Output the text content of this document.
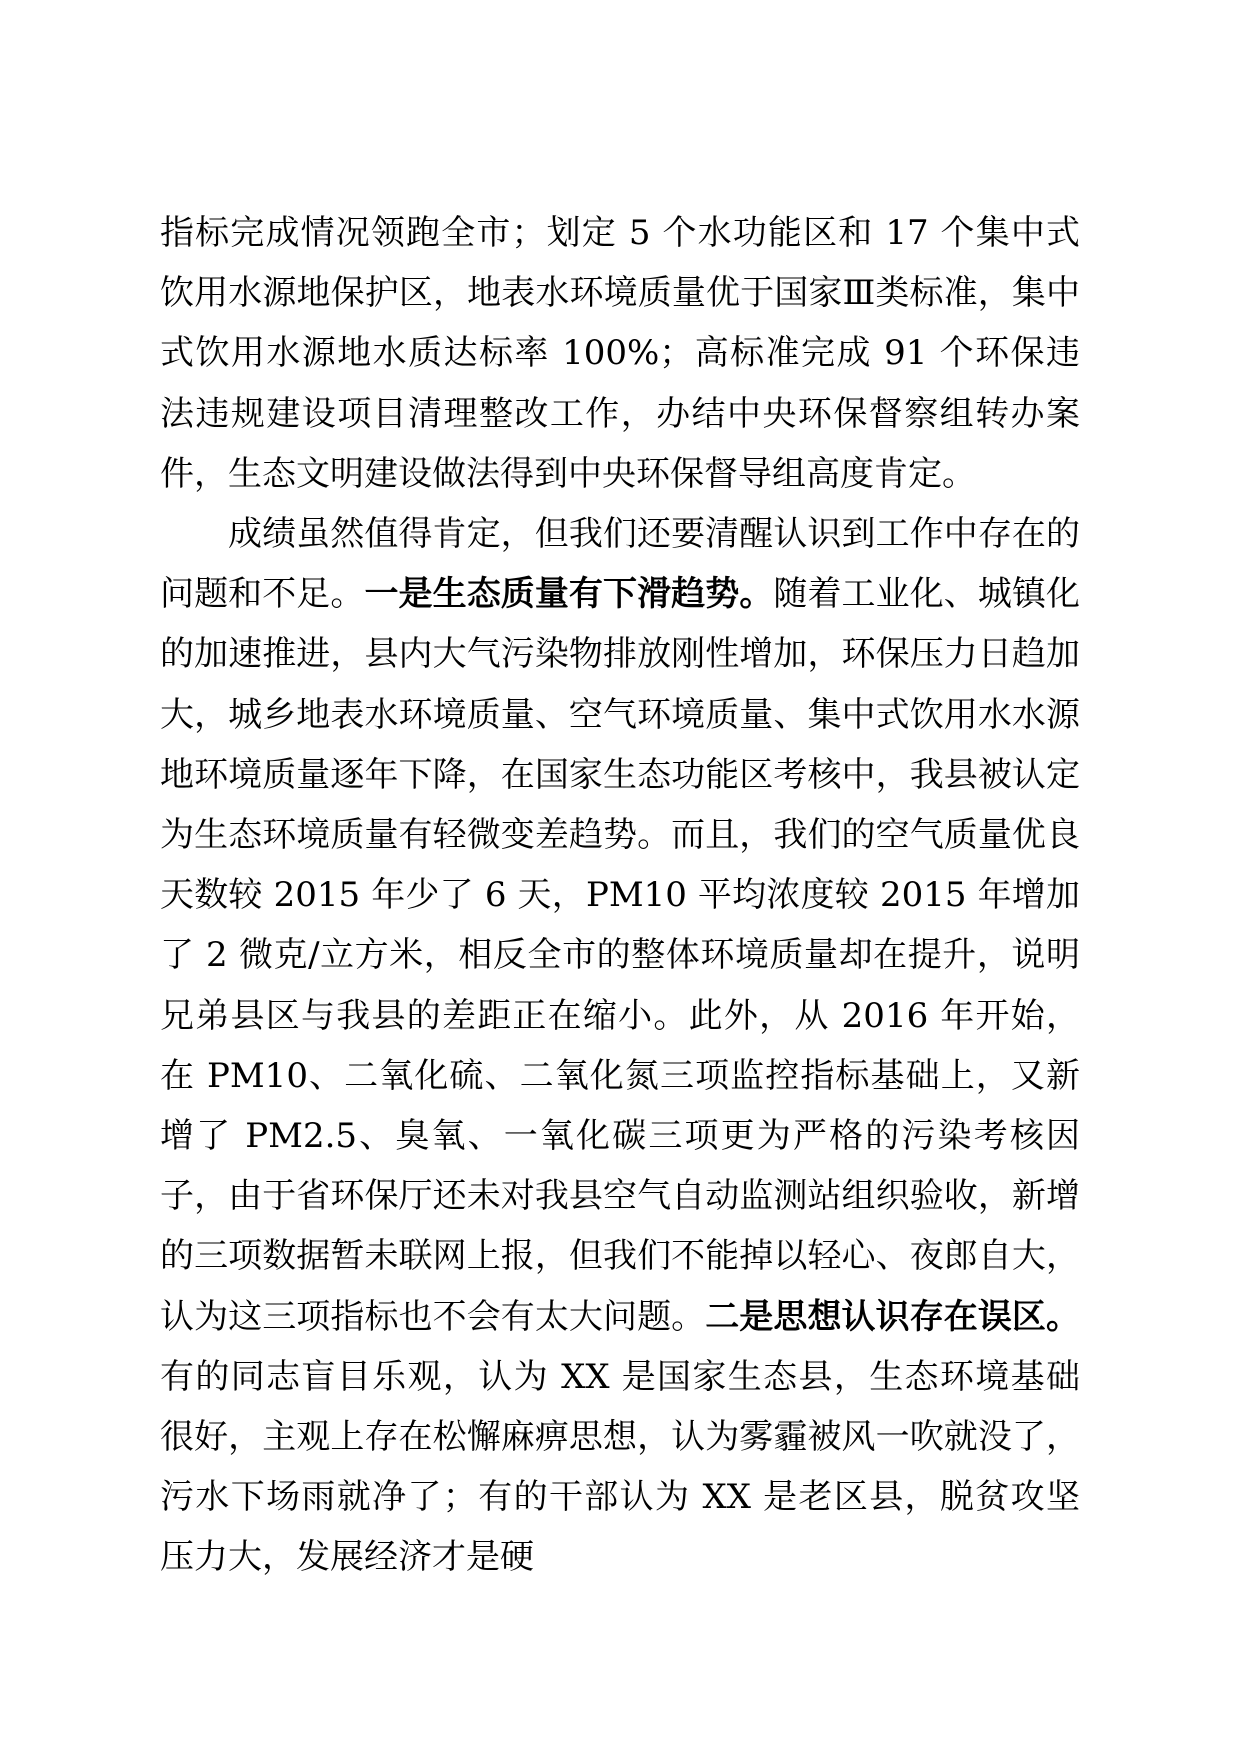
指标完成情况领跑全市；划定 5 个水功能区和 17 个集中式饮用水源地保护区，地表水环境质量优于国家Ⅲ类标准，集中式饮用水源地水质达标率 100%；高标准完成 91 个环保违法违规建设项目清理整改工作，办结中央环保督察组转办案件，生态文明建设做法得到中央环保督导组高度肯定。

成绩虽然值得肯定，但我们还要清醒认识到工作中存在的问题和不足。一是生态质量有下滑趋势。随着工业化、城镇化的加速推进，县内大气污染物排放刚性增加，环保压力日趋加大，城乡地表水环境质量、空气环境质量、集中式饮用水水源地环境质量逐年下降，在国家生态功能区考核中，我县被认定为生态环境质量有轻微变差趋势。而且，我们的空气质量优良天数较 2015 年少了 6 天，PM10 平均浓度较 2015 年增加了 2 微克/立方米，相反全市的整体环境质量却在提升，说明兄弟县区与我县的差距正在缩小。此外，从 2016 年开始，在 PM10、二氧化硫、二氧化氮三项监控指标基础上，又新增了 PM2.5、臭氧、一氧化碳三项更为严格的污染考核因子，由于省环保厅还未对我县空气自动监测站组织验收，新增的三项数据暂未联网上报，但我们不能掉以轻心、夜郎自大，认为这三项指标也不会有太大问题。二是思想认识存在误区。有的同志盲目乐观，认为 XX 是国家生态县，生态环境基础很好，主观上存在松懈麻痹思想，认为雾霾被风一吹就没了，污水下场雨就净了；有的干部认为 XX 是老区县，脱贫攻坚压力大，发展经济才是硬
